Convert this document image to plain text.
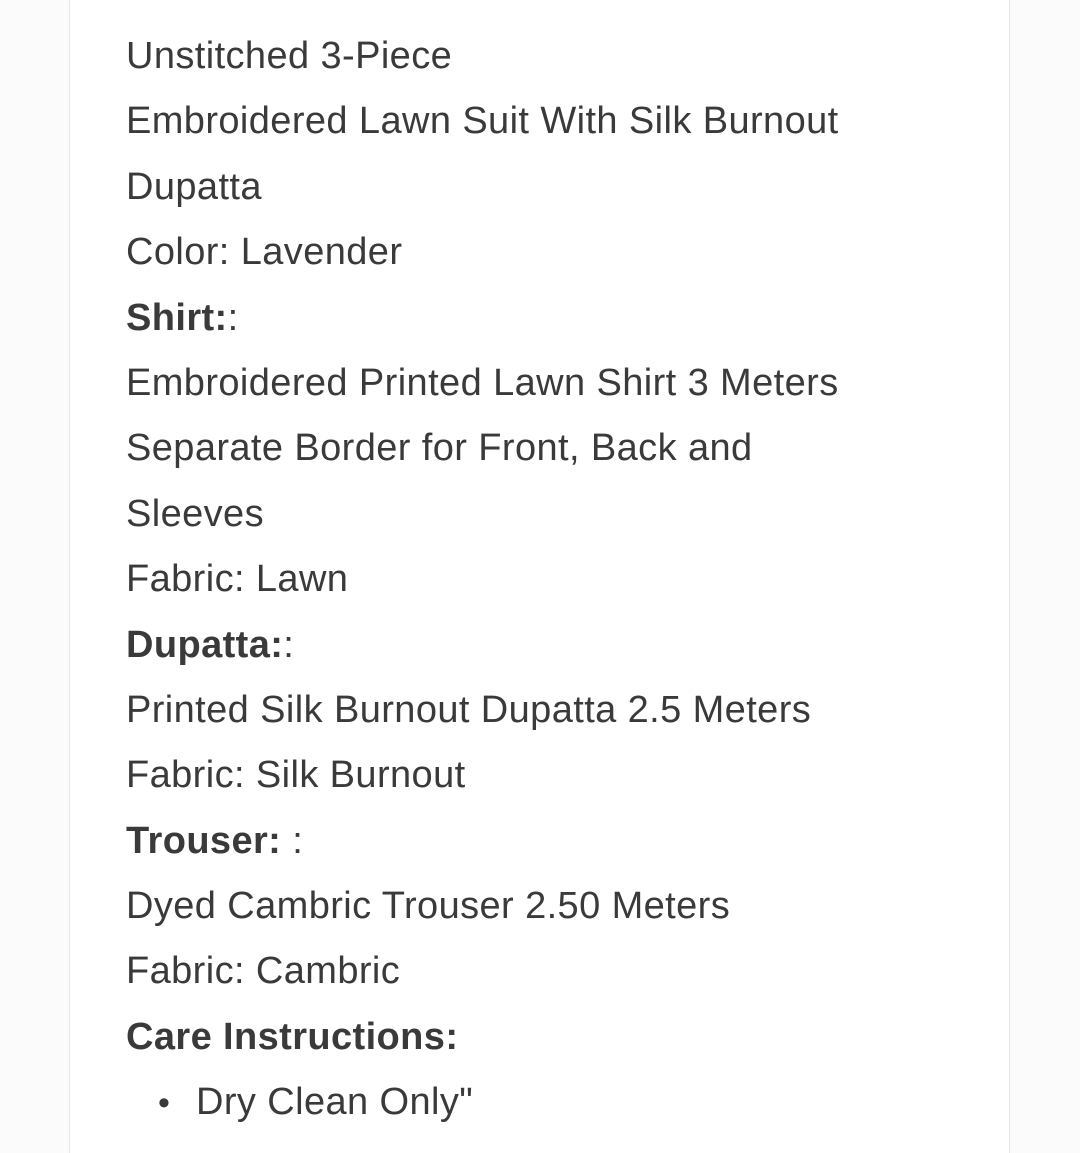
Unstitched 3-Piece
Embroidered Lawn Suit With Silk Burnout
Dupatta
Color: Lavender
Shirt::
Embroidered Printed Lawn Shirt 3 Meters
Separate Border for Front, Back and
Sleeves
Fabric: Lawn
Dupatta::
Printed Silk Burnout Dupatta 2.5 Meters
Fabric: Silk Burnout
Trouser: :
Dyed Cambric Trouser 2.50 Meters
Fabric: Cambric
Care Instructions:
• Dry Clean Only"
